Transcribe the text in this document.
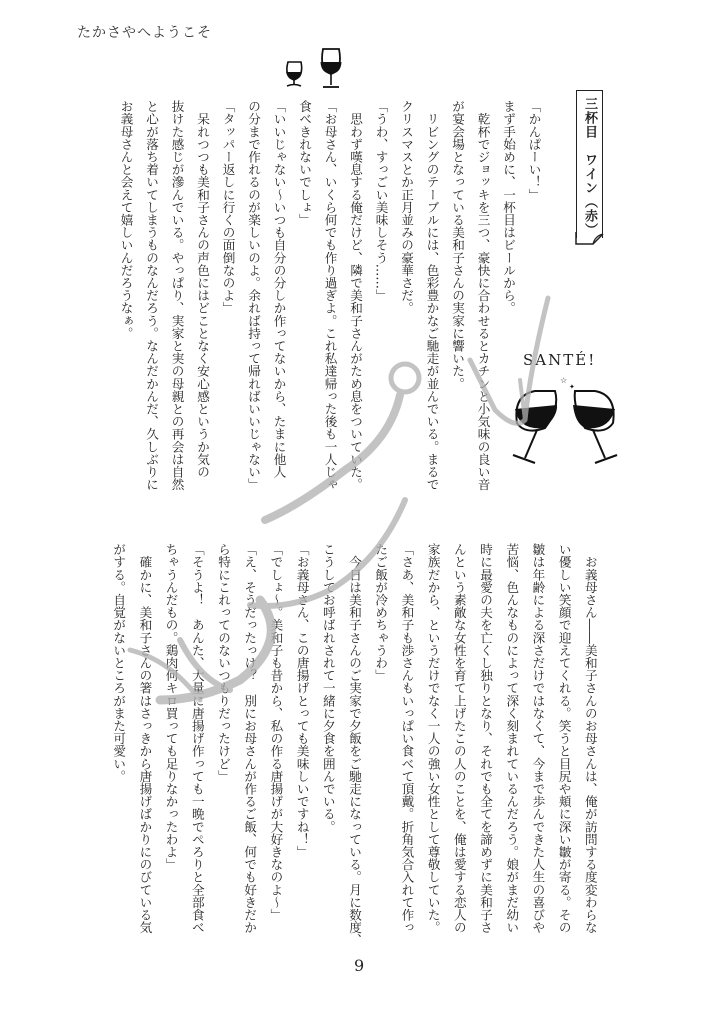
たかさやへようこそ
三杯目　ワイン（赤）
SANTÉ!
☆
✦
「かんぱーい！」
まず手始めに、一杯目はビールから。
　乾杯でジョッキを三つ、豪快に合わせるとカチンと小気味の良い音
が宴会場となっている美和子さんの実家に響いた。
　リビングのテーブルには、色彩豊かなご馳走が並んでいる。まるで
クリスマスとか正月並みの豪華さだ。
「うわ、すっごい美味しそう……」
　思わず嘆息する俺だけど、隣で美和子さんがため息をついていた。
「お母さん、いくら何でも作り過ぎよ。これ私達帰った後も一人じゃ
食べきれないでしょ」
「いいじゃない～いつも自分の分しか作ってないから、たまに他人
の分まで作れるのが楽しいのよ。余れば持って帰ればいいじゃない」
「タッパー返しに行くの面倒なのよ」
　呆れつつも美和子さんの声色にはどことなく安心感というか気の
抜けた感じが滲んでいる。やっぱり、実家と実の母親との再会は自然
と心が落ち着いてしまうものなんだろう。なんだかんだ、久しぶりに
お義母さんと会えて嬉しいんだろうなぁ。
　お義母さん――美和子さんのお母さんは、俺が訪問する度変わらな
い優しい笑顔で迎えてくれる。笑うと目尻や頬に深い皺が寄る。その
皺は年齢による深さだけではなくて、今まで歩んできた人生の喜びや
苦悩、色んなものによって深く刻まれているんだろう。娘がまだ幼い
時に最愛の夫を亡くし独りとなり、それでも全てを諦めずに美和子さ
んという素敵な女性を育て上げたこの人のことを、俺は愛する恋人の
家族だから、というだけでなく一人の強い女性として尊敬していた。
「さあ、美和子も渉さんもいっぱい食べて頂戴。折角気合入れて作っ
たご飯が冷めちゃうわ」
　今日は美和子さんのご実家で夕飯をご馳走になっている。月に数度、
こうしてお呼ばれされて一緒に夕食を囲んでいる。
「お義母さん、この唐揚げとっても美味しいですね！」
「でしょ～。美和子も昔から、私の作る唐揚げが大好きなのよ～」
「え、そうだったっけ？　別にお母さんが作るご飯、何でも好きだか
ら特にこれってのないつもりだったけど」
「そうよ！　あんた、大量に唐揚げ作っても一晩でぺろりと全部食べ
ちゃうんだもの。鶏肉何キロ買っても足りなかったわよ」
　確かに、美和子さんの箸はさっきから唐揚げばかりにのびている気
がする。自覚がないところがまた可愛い。
9
